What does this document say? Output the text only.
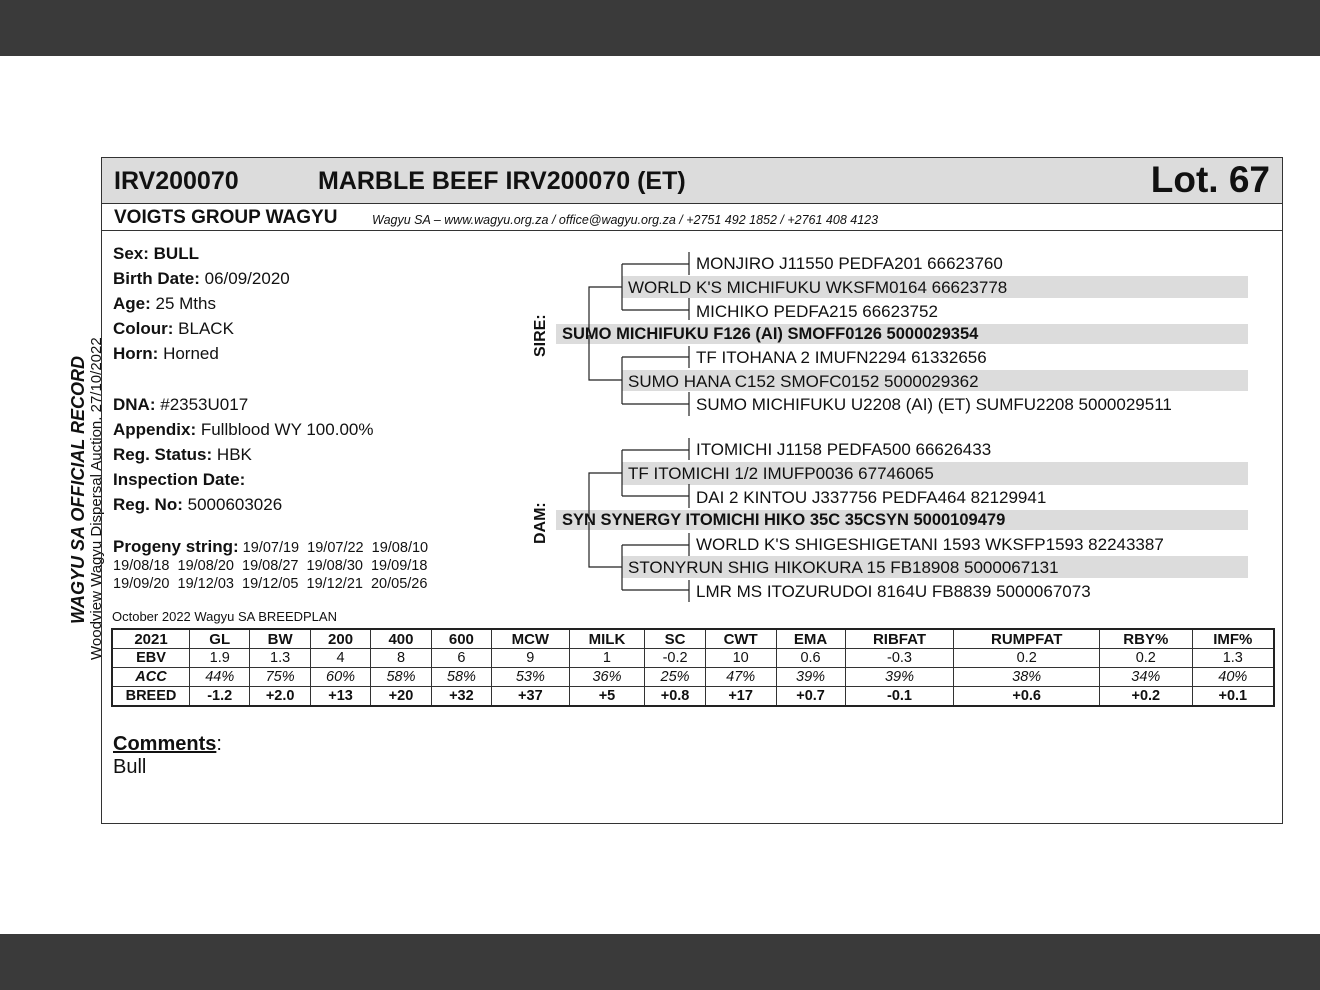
WAGYU SA OFFICIAL RECORD Woodview Wagyu Dispersal Auction. 27/10/2022
IRV200070	MARBLE BEEF IRV200070 (ET)	Lot. 67
VOIGTS GROUP WAGYU	Wagyu SA – www.wagyu.org.za / office@wagyu.org.za / +2751 492 1852 / +2761 408 4123
Sex: BULL
Birth Date: 06/09/2020
Age: 25 Mths
Colour: BLACK
Horn: Horned
DNA: #2353U017
Appendix: Fullblood WY 100.00%
Reg. Status: HBK
Inspection Date:
Reg. No: 5000603026
Progeny string: 19/07/19  19/07/22  19/08/10
19/08/18  19/08/20  19/08/27  19/08/30  19/09/18
19/09/20  19/12/03  19/12/05  19/12/21  20/05/26
October 2022 Wagyu SA BREEDPLAN
SIRE:
DAM:
MONJIRO J11550 PEDFA201 66623760
WORLD K'S MICHIFUKU WKSFM0164 66623778
MICHIKO PEDFA215 66623752
SUMO MICHIFUKU F126 (AI) SMOFF0126 5000029354
TF ITOHANA 2 IMUFN2294 61332656
SUMO HANA C152 SMOFC0152 5000029362
SUMO MICHIFUKU U2208 (AI) (ET) SUMFU2208 5000029511
ITOMICHI J1158 PEDFA500 66626433
TF ITOMICHI 1/2 IMUFP0036 67746065
DAI 2 KINTOU J337756 PEDFA464 82129941
SYN SYNERGY ITOMICHI HIKO 35C 35CSYN 5000109479
WORLD K'S SHIGESHIGETANI 1593 WKSFP1593 82243387
STONYRUN SHIG HIKOKURA 15 FB18908 5000067131
LMR MS ITOZURUDOI 8164U FB8839 5000067073
2021	GL	BW	200	400	600	MCW	MILK	SC	CWT	EMA	RIBFAT	RUMPFAT	RBY%	IMF%
EBV	1.9	1.3	4	8	6	9	1	-0.2	10	0.6	-0.3	0.2	0.2	1.3
ACC	44%	75%	60%	58%	58%	53%	36%	25%	47%	39%	39%	38%	34%	40%
BREED	-1.2	+2.0	+13	+20	+32	+37	+5	+0.8	+17	+0.7	-0.1	+0.6	+0.2	+0.1
Comments:
Bull
